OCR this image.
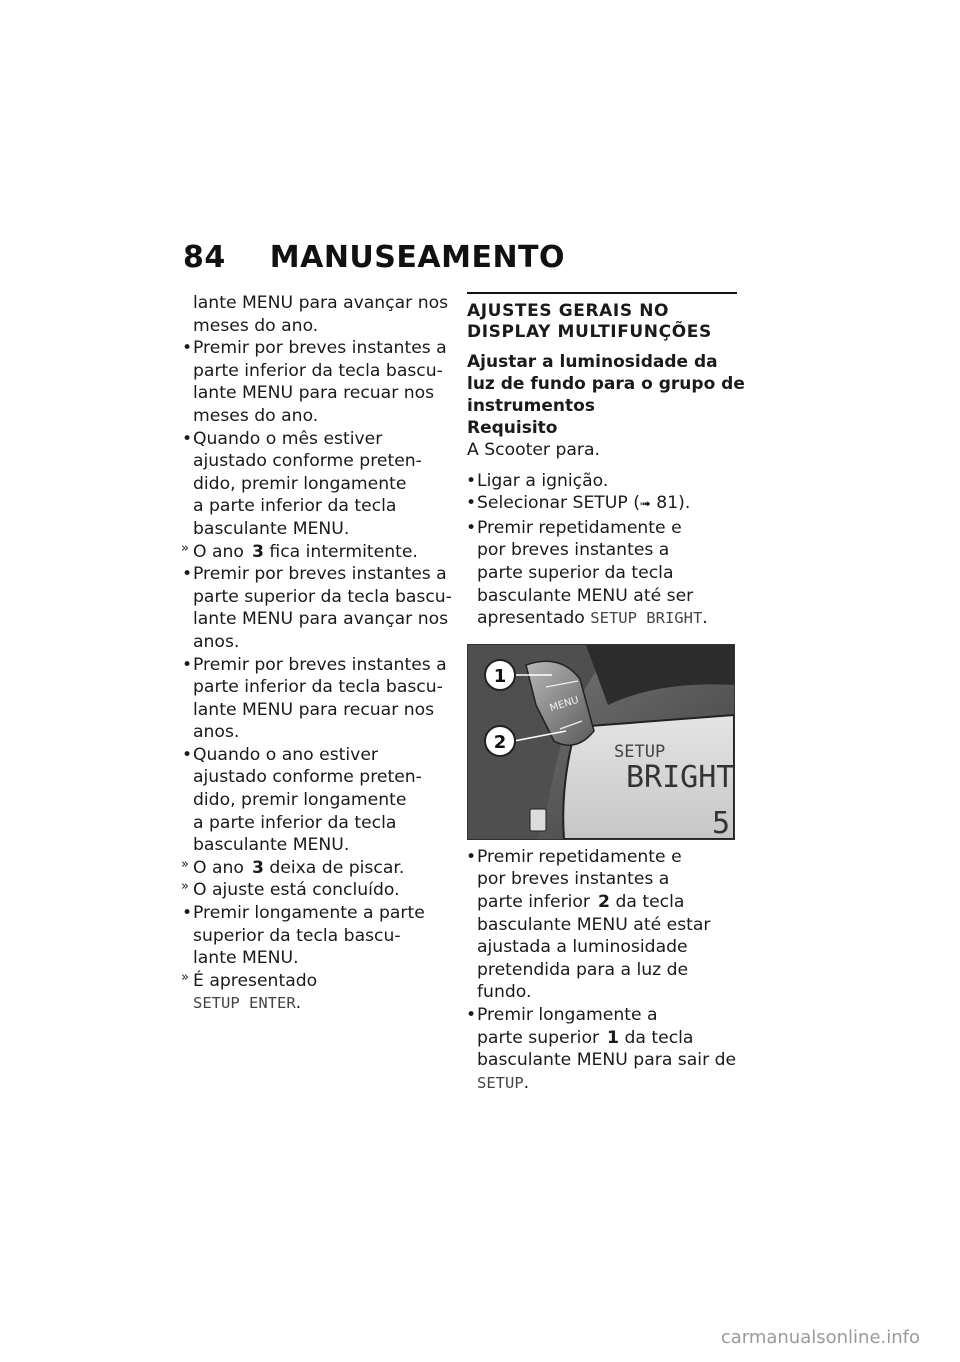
84 MANUSEAMENTO
lante MENU para avançar nos
meses do ano.
• Premir por breves instantes a
parte inferior da tecla bascu-
lante MENU para recuar nos
meses do ano.
• Quando o mês estiver
ajustado conforme preten-
dido, premir longamente
a parte inferior da tecla
basculante MENU.
» O ano 3 fica intermitente.
• Premir por breves instantes a
parte superior da tecla bascu-
lante MENU para avançar nos
anos.
• Premir por breves instantes a
parte inferior da tecla bascu-
lante MENU para recuar nos
anos.
• Quando o ano estiver
ajustado conforme preten-
dido, premir longamente
a parte inferior da tecla
basculante MENU.
» O ano 3 deixa de piscar.
» O ajuste está concluído.
• Premir longamente a parte
superior da tecla bascu-
lante MENU.
» É apresentado
SETUP ENTER.
AJUSTES GERAIS NO
DISPLAY MULTIFUNÇÕES
Ajustar a luminosidade da
luz de fundo para o grupo de
instrumentos
Requisito
A Scooter para.
• Ligar a ignição.
• Selecionar SETUP (➟ 81).
• Premir repetidamente e
por breves instantes a
parte superior da tecla
basculante MENU até ser
apresentado SETUP BRIGHT.
MENU
1
2	SETUP
BRIGHT
5
• Premir repetidamente e
por breves instantes a
parte inferior 2 da tecla
basculante MENU até estar
ajustada a luminosidade
pretendida para a luz de
fundo.
• Premir longamente a
parte superior 1 da tecla
basculante MENU para sair de
SETUP.
carmanualsonline.info
